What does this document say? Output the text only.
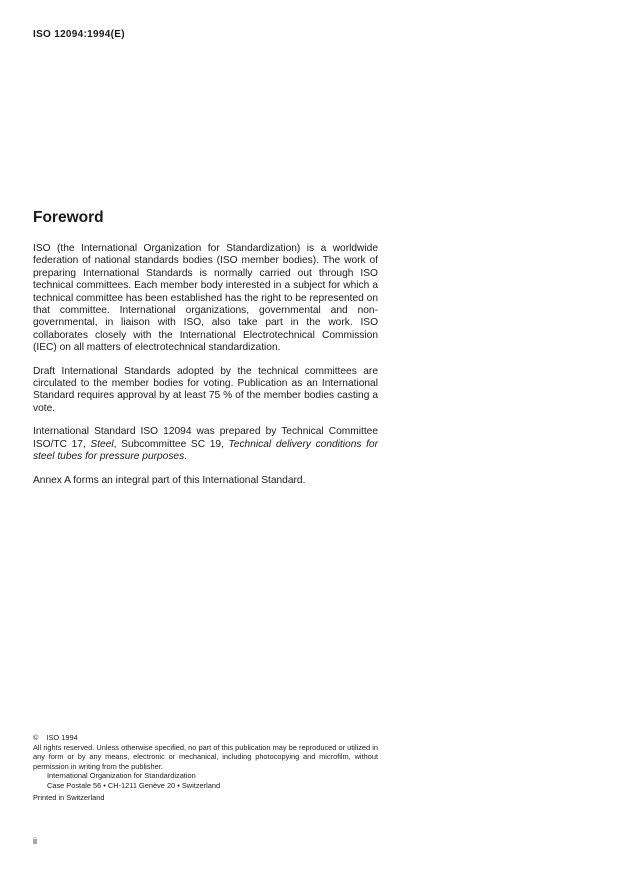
ISO 12094:1994(E)
Foreword

ISO (the International Organization for Standardization) is a worldwide federation of national standards bodies (ISO member bodies). The work of preparing International Standards is normally carried out through ISO technical committees. Each member body interested in a subject for which a technical committee has been established has the right to be represented on that committee. International organizations, governmental and non-governmental, in liaison with ISO, also take part in the work. ISO collaborates closely with the International Electrotechnical Commission (IEC) on all matters of electrotechnical standardization.

Draft International Standards adopted by the technical committees are circulated to the member bodies for voting. Publication as an International Standard requires approval by at least 75 % of the member bodies casting a vote.

International Standard ISO 12094 was prepared by Technical Committee ISO/TC 17, Steel, Subcommittee SC 19, Technical delivery conditions for steel tubes for pressure purposes.

Annex A forms an integral part of this International Standard.

© ISO 1994
All rights reserved. Unless otherwise specified, no part of this publication may be reproduced or utilized in any form or by any means, electronic or mechanical, including photocopying and microfilm, without permission in writing from the publisher.
International Organization for Standardization
Case Postale 56 • CH-1211 Genève 20 • Switzerland
Printed in Switzerland
ii
